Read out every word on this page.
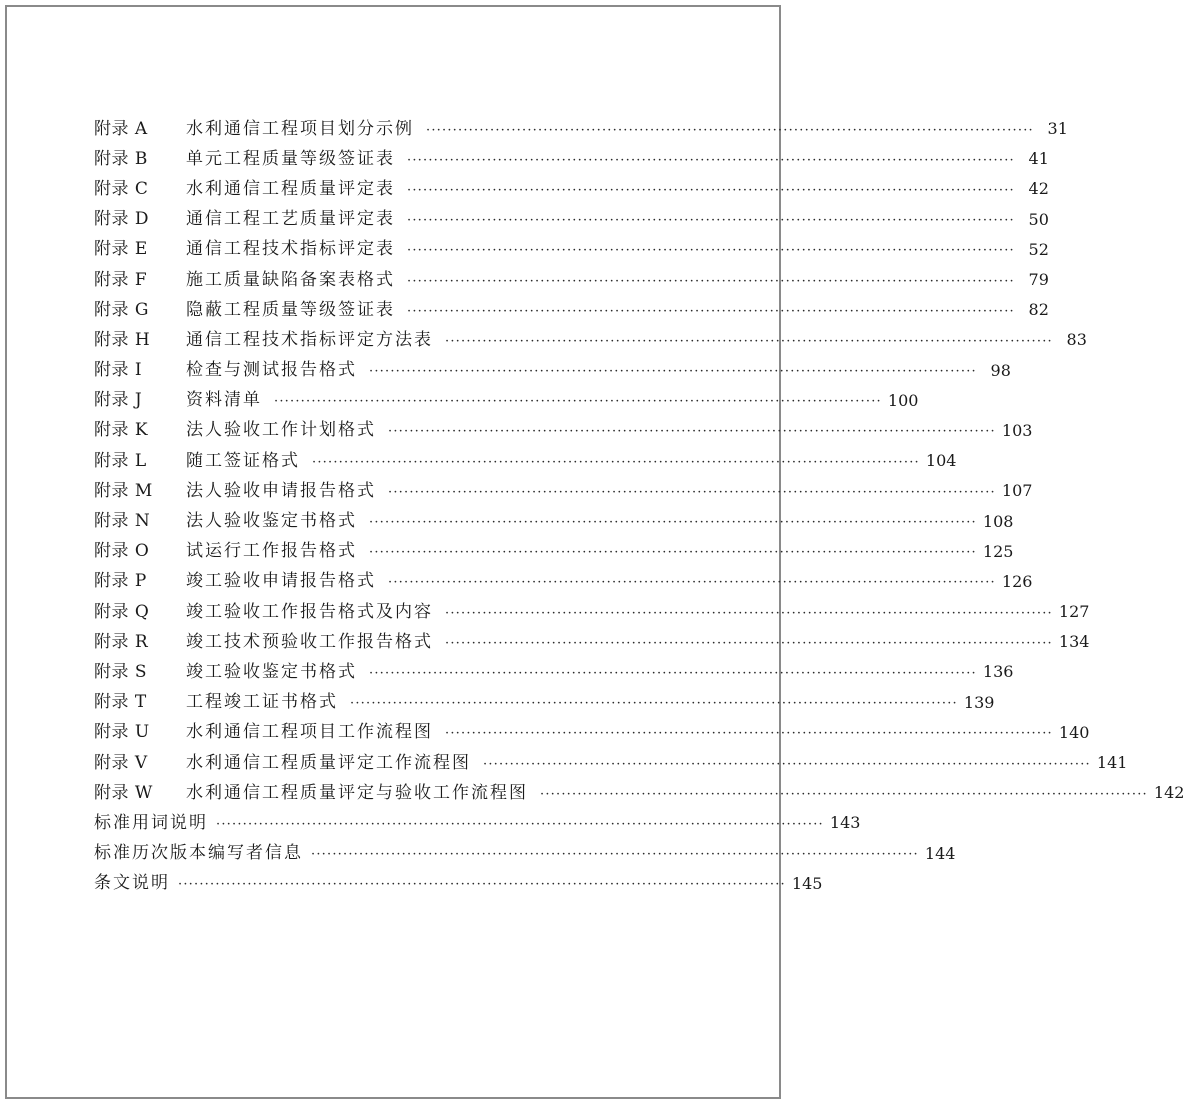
附录 A	水利通信工程项目划分示例 ·················································································································· 31
附录 B	单元工程质量等级签证表 ·················································································································· 41
附录 C	水利通信工程质量评定表 ·················································································································· 42
附录 D	通信工程工艺质量评定表 ·················································································································· 50
附录 E	通信工程技术指标评定表 ·················································································································· 52
附录 F	施工质量缺陷备案表格式 ·················································································································· 79
附录 G	隐蔽工程质量等级签证表 ·················································································································· 82
附录 H	通信工程技术指标评定方法表 ·················································································································· 83
附录 I	检查与测试报告格式 ·················································································································· 98
附录 J	资料清单 ·················································································································· 100
附录 K	法人验收工作计划格式 ·················································································································· 103
附录 L	随工签证格式 ·················································································································· 104
附录 M	法人验收申请报告格式 ·················································································································· 107
附录 N	法人验收鉴定书格式 ·················································································································· 108
附录 O	试运行工作报告格式 ·················································································································· 125
附录 P	竣工验收申请报告格式 ·················································································································· 126
附录 Q	竣工验收工作报告格式及内容 ·················································································································· 127
附录 R	竣工技术预验收工作报告格式 ·················································································································· 134
附录 S	竣工验收鉴定书格式 ·················································································································· 136
附录 T	工程竣工证书格式 ·················································································································· 139
附录 U	水利通信工程项目工作流程图 ·················································································································· 140
附录 V	水利通信工程质量评定工作流程图 ·················································································································· 141
附录 W	水利通信工程质量评定与验收工作流程图 ·················································································································· 142
标准用词说明 ·················································································································· 143
标准历次版本编写者信息 ·················································································································· 144
条文说明 ·················································································································· 145
